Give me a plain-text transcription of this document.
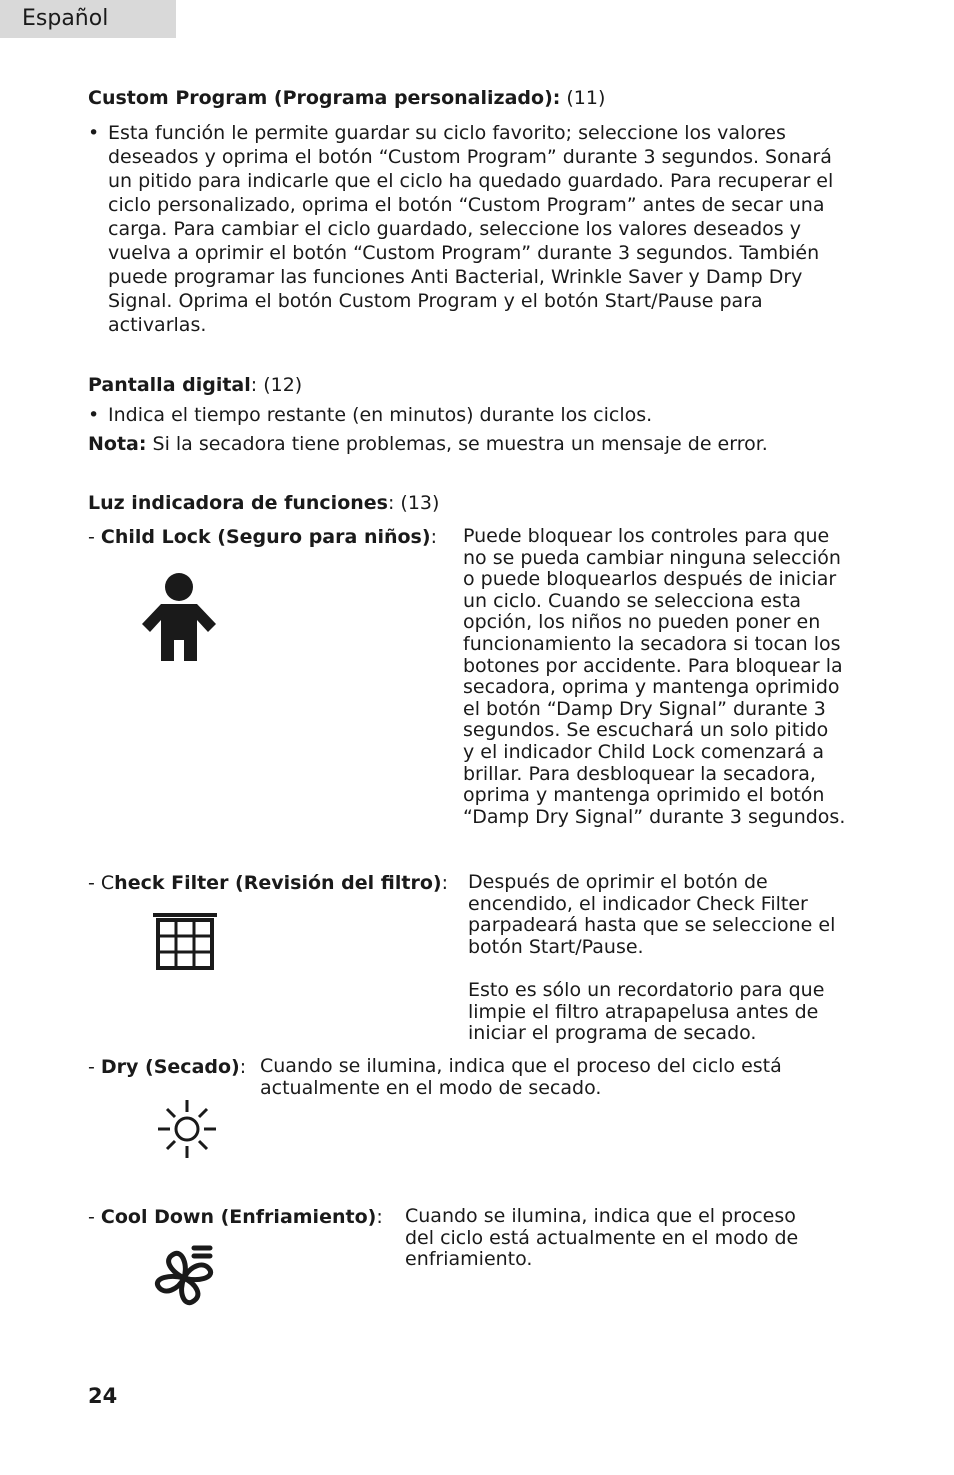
Español
Custom Program (Programa personalizado): (11)
• Esta función le permite guardar su ciclo favorito; seleccione los valores deseados y oprima el botón “Custom Program” durante 3 segundos. Sonará un pitido para indicarle que el ciclo ha quedado guardado. Para recuperar el ciclo personalizado, oprima el botón “Custom Program” antes de secar una carga. Para cambiar el ciclo guardado, seleccione los valores deseados y vuelva a oprimir el botón “Custom Program” durante 3 segundos. También puede programar las funciones Anti Bacterial, Wrinkle Saver y Damp Dry Signal. Oprima el botón Custom Program y el botón Start/Pause para activarlas.
Pantalla digital: (12)
• Indica el tiempo restante (en minutos) durante los ciclos.
Nota: Si la secadora tiene problemas, se muestra un mensaje de error.
Luz indicadora de funciones: (13)
- Child Lock (Seguro para niños): Puede bloquear los controles para que
no se pueda cambiar ninguna selección
o puede bloquearlos después de iniciar
un ciclo. Cuando se selecciona esta
opción, los niños no pueden poner en
funcionamiento la secadora si tocan los
botones por accidente. Para bloquear la
secadora, oprima y mantenga oprimido
el botón “Damp Dry Signal” durante 3
segundos. Se escuchará un solo pitido
y el indicador Child Lock comenzará a
brillar. Para desbloquear la secadora,
oprima y mantenga oprimido el botón
“Damp Dry Signal” durante 3 segundos.
- Check Filter (Revisión del filtro): Después de oprimir el botón de
encendido, el indicador Check Filter
parpadeará hasta que se seleccione el
botón Start/Pause.
Esto es sólo un recordatorio para que
limpie el filtro atrapapelusa antes de
iniciar el programa de secado.
- Dry (Secado): Cuando se ilumina, indica que el proceso del ciclo está
actualmente en el modo de secado.
- Cool Down (Enfriamiento): Cuando se ilumina, indica que el proceso
del ciclo está actualmente en el modo de
enfriamiento.
24
